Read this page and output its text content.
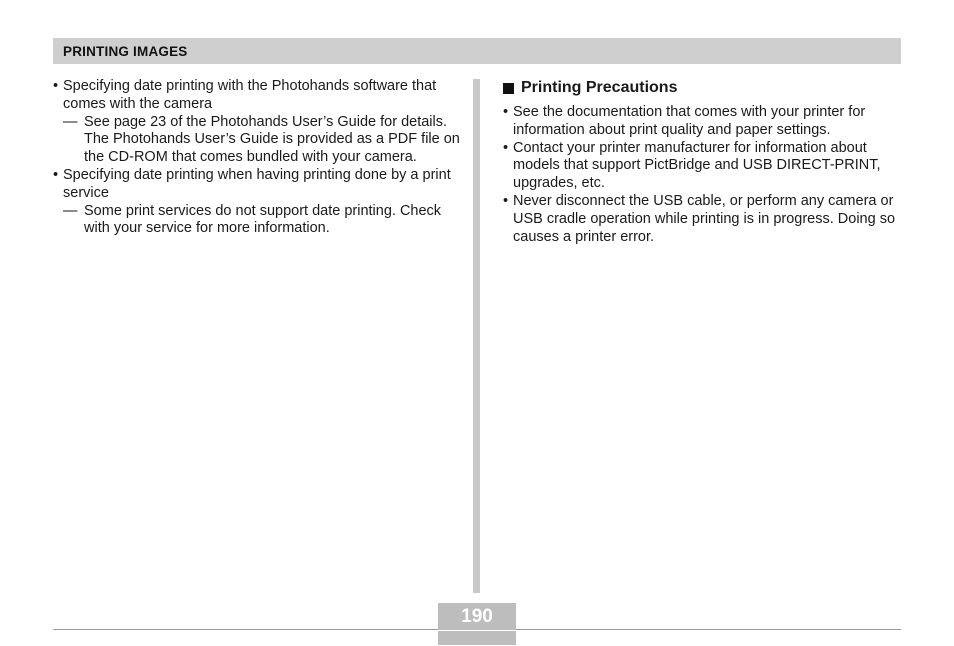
PRINTING IMAGES
• Specifying date printing with the Photohands software that comes with the camera
— See page 23 of the Photohands User’s Guide for details. The Photohands User’s Guide is provided as a PDF file on the CD-ROM that comes bundled with your camera.
• Specifying date printing when having printing done by a print service
— Some print services do not support date printing. Check with your service for more information.
Printing Precautions
• See the documentation that comes with your printer for information about print quality and paper settings.
• Contact your printer manufacturer for information about models that support PictBridge and USB DIRECT-PRINT, upgrades, etc.
• Never disconnect the USB cable, or perform any camera or USB cradle operation while printing is in progress. Doing so causes a printer error.
190
